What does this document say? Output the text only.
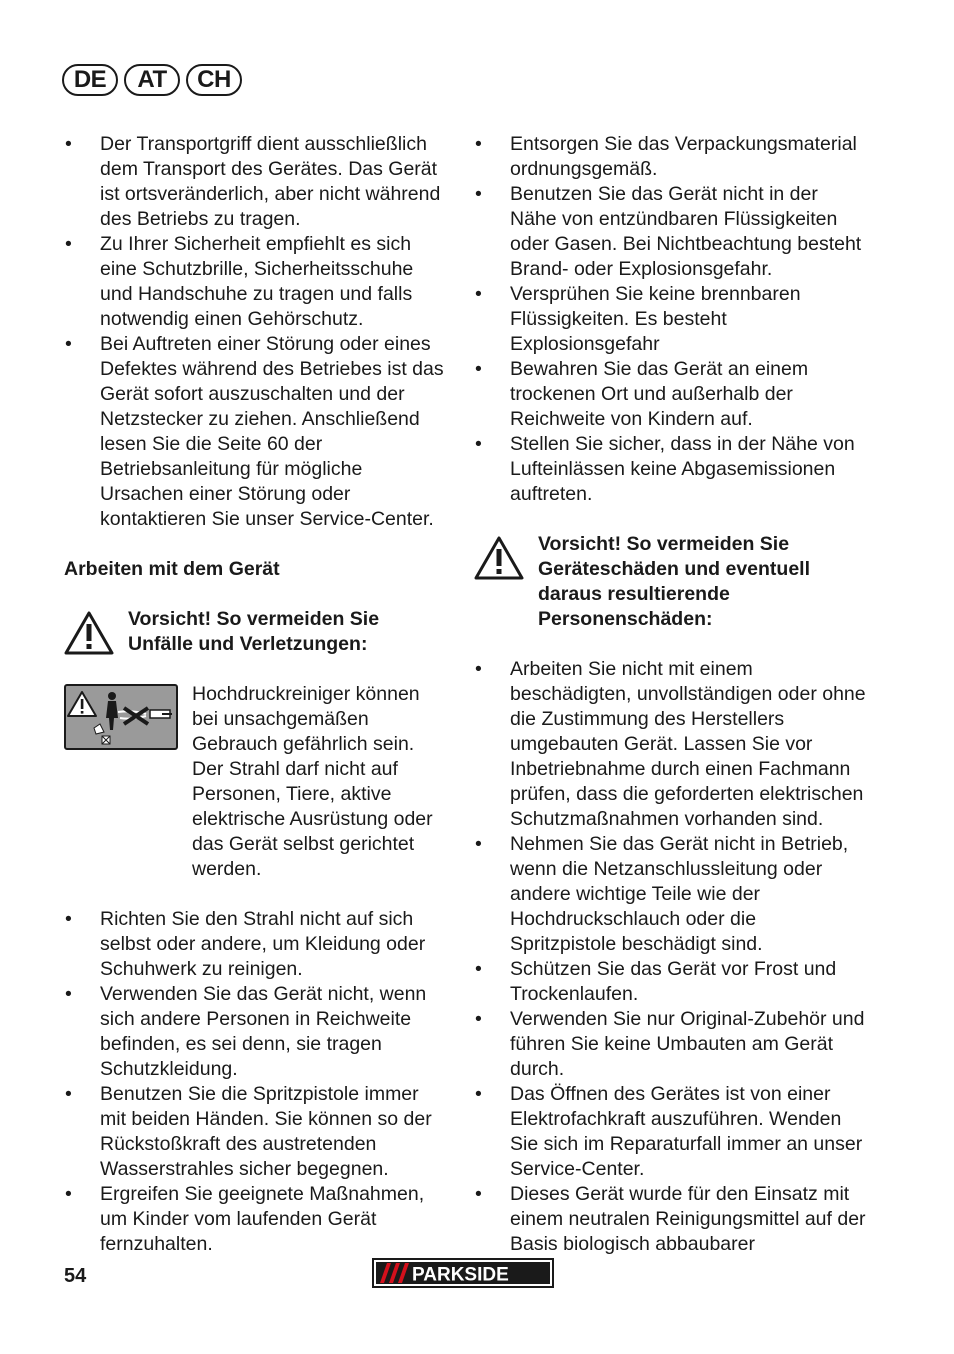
DE	AT	CH
• Der Transportgriff dient ausschließlich dem Transport des Gerätes. Das Gerät ist ortsveränderlich, aber nicht während des Betriebs zu tragen.
• Zu Ihrer Sicherheit empfiehlt es sich eine Schutzbrille, Sicherheitsschuhe und Handschuhe zu tragen und falls notwendig einen Gehörschutz.
• Bei Auftreten einer Störung oder eines Defektes während des Betriebes ist das Gerät sofort auszuschalten und der Netzstecker zu ziehen. Anschließend lesen Sie die Seite 60 der Betriebsanleitung für mögliche Ursachen einer Störung oder kontaktieren Sie unser Service-Center.

Arbeiten mit dem Gerät

Vorsicht! So vermeiden Sie Unfälle und Verletzungen:
Hochdruckreiniger können bei unsachgemäßen Gebrauch gefährlich sein. Der Strahl darf nicht auf Personen, Tiere, aktive elektrische Ausrüstung oder das Gerät selbst gerichtet werden.
• Richten Sie den Strahl nicht auf sich selbst oder andere, um Kleidung oder Schuhwerk zu reinigen.
• Verwenden Sie das Gerät nicht, wenn sich andere Personen in Reichweite befinden, es sei denn, sie tragen Schutzkleidung.
• Benutzen Sie die Spritzpistole immer mit beiden Händen. Sie können so der Rückstoßkraft des austretenden Wasserstrahles sicher begegnen.
• Ergreifen Sie geeignete Maßnahmen, um Kinder vom laufenden Gerät fernzuhalten.
• Entsorgen Sie das Verpackungsmaterial ordnungsgemäß.
• Benutzen Sie das Gerät nicht in der Nähe von entzündbaren Flüssigkeiten oder Gasen. Bei Nichtbeachtung besteht Brand- oder Explosionsgefahr.
• Versprühen Sie keine brennbaren Flüssigkeiten. Es besteht Explosionsgefahr
• Bewahren Sie das Gerät an einem trockenen Ort und außerhalb der Reichweite von Kindern auf.
• Stellen Sie sicher, dass in der Nähe von Lufteinlässen keine Abgasemissionen auftreten.
Vorsicht! So vermeiden Sie Geräteschäden und eventuell daraus resultierende Personenschäden:
• Arbeiten Sie nicht mit einem beschädigten, unvollständigen oder ohne die Zustimmung des Herstellers umgebauten Gerät. Lassen Sie vor Inbetriebnahme durch einen Fachmann prüfen, dass die geforderten elektrischen Schutzmaßnahmen vorhanden sind.
• Nehmen Sie das Gerät nicht in Betrieb, wenn die Netzanschlussleitung oder andere wichtige Teile wie der Hochdruckschlauch oder die Spritzpistole beschädigt sind.
• Schützen Sie das Gerät vor Frost und Trockenlaufen.
• Verwenden Sie nur Original-Zubehör und führen Sie keine Umbauten am Gerät durch.
• Das Öffnen des Gerätes ist von einer Elektrofachkraft auszuführen. Wenden Sie sich im Reparaturfall immer an unser Service-Center.
• Dieses Gerät wurde für den Einsatz mit einem neutralen Reinigungsmittel auf der Basis biologisch abbaubarer
54	PARKSIDE
